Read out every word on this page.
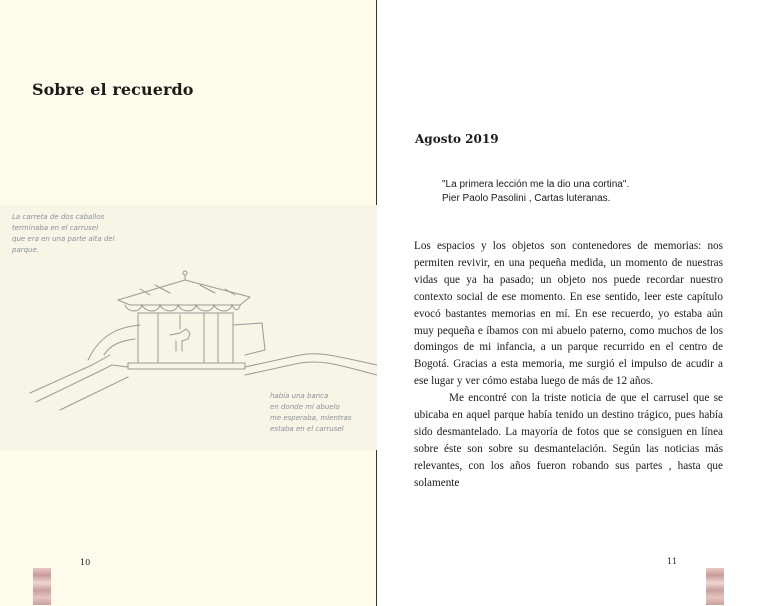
Sobre el recuerdo
La carreta de dos caballos
terminaba en el carrusel
que era en una parte alta del
parque.
había una banca
en donde mi abuelo
me esperaba, mientras
estaba en el carrusel
10
Agosto 2019
"La primera lección me la dio una cortina".
Pier Paolo Pasolini , Cartas luteranas.

Los espacios y los objetos son contenedores de memorias: nos permiten revivir, en una pequeña medida, un momento de nuestras vidas que ya ha pasado; un objeto nos puede recordar nuestro contexto social de ese momento. En ese sentido, leer este capítulo evocó bastantes memorias en mí. En ese recuerdo, yo estaba aún muy pequeña e íbamos con mi abuelo paterno, como muchos de los domingos de mi infancia, a un parque recurrido en el centro de Bogotá. Gracias a esta memoria, me surgió el impulso de acudir a ese lugar y ver cómo estaba luego de más de 12 años.

Me encontré con la triste noticia de que el carrusel que se ubicaba en aquel parque había tenido un destino trágico, pues había sido desmantelado. La mayoría de fotos que se consiguen en línea sobre éste son sobre su desmantelación. Según las noticias más relevantes, con los años fueron robando sus partes , hasta que solamente

11
